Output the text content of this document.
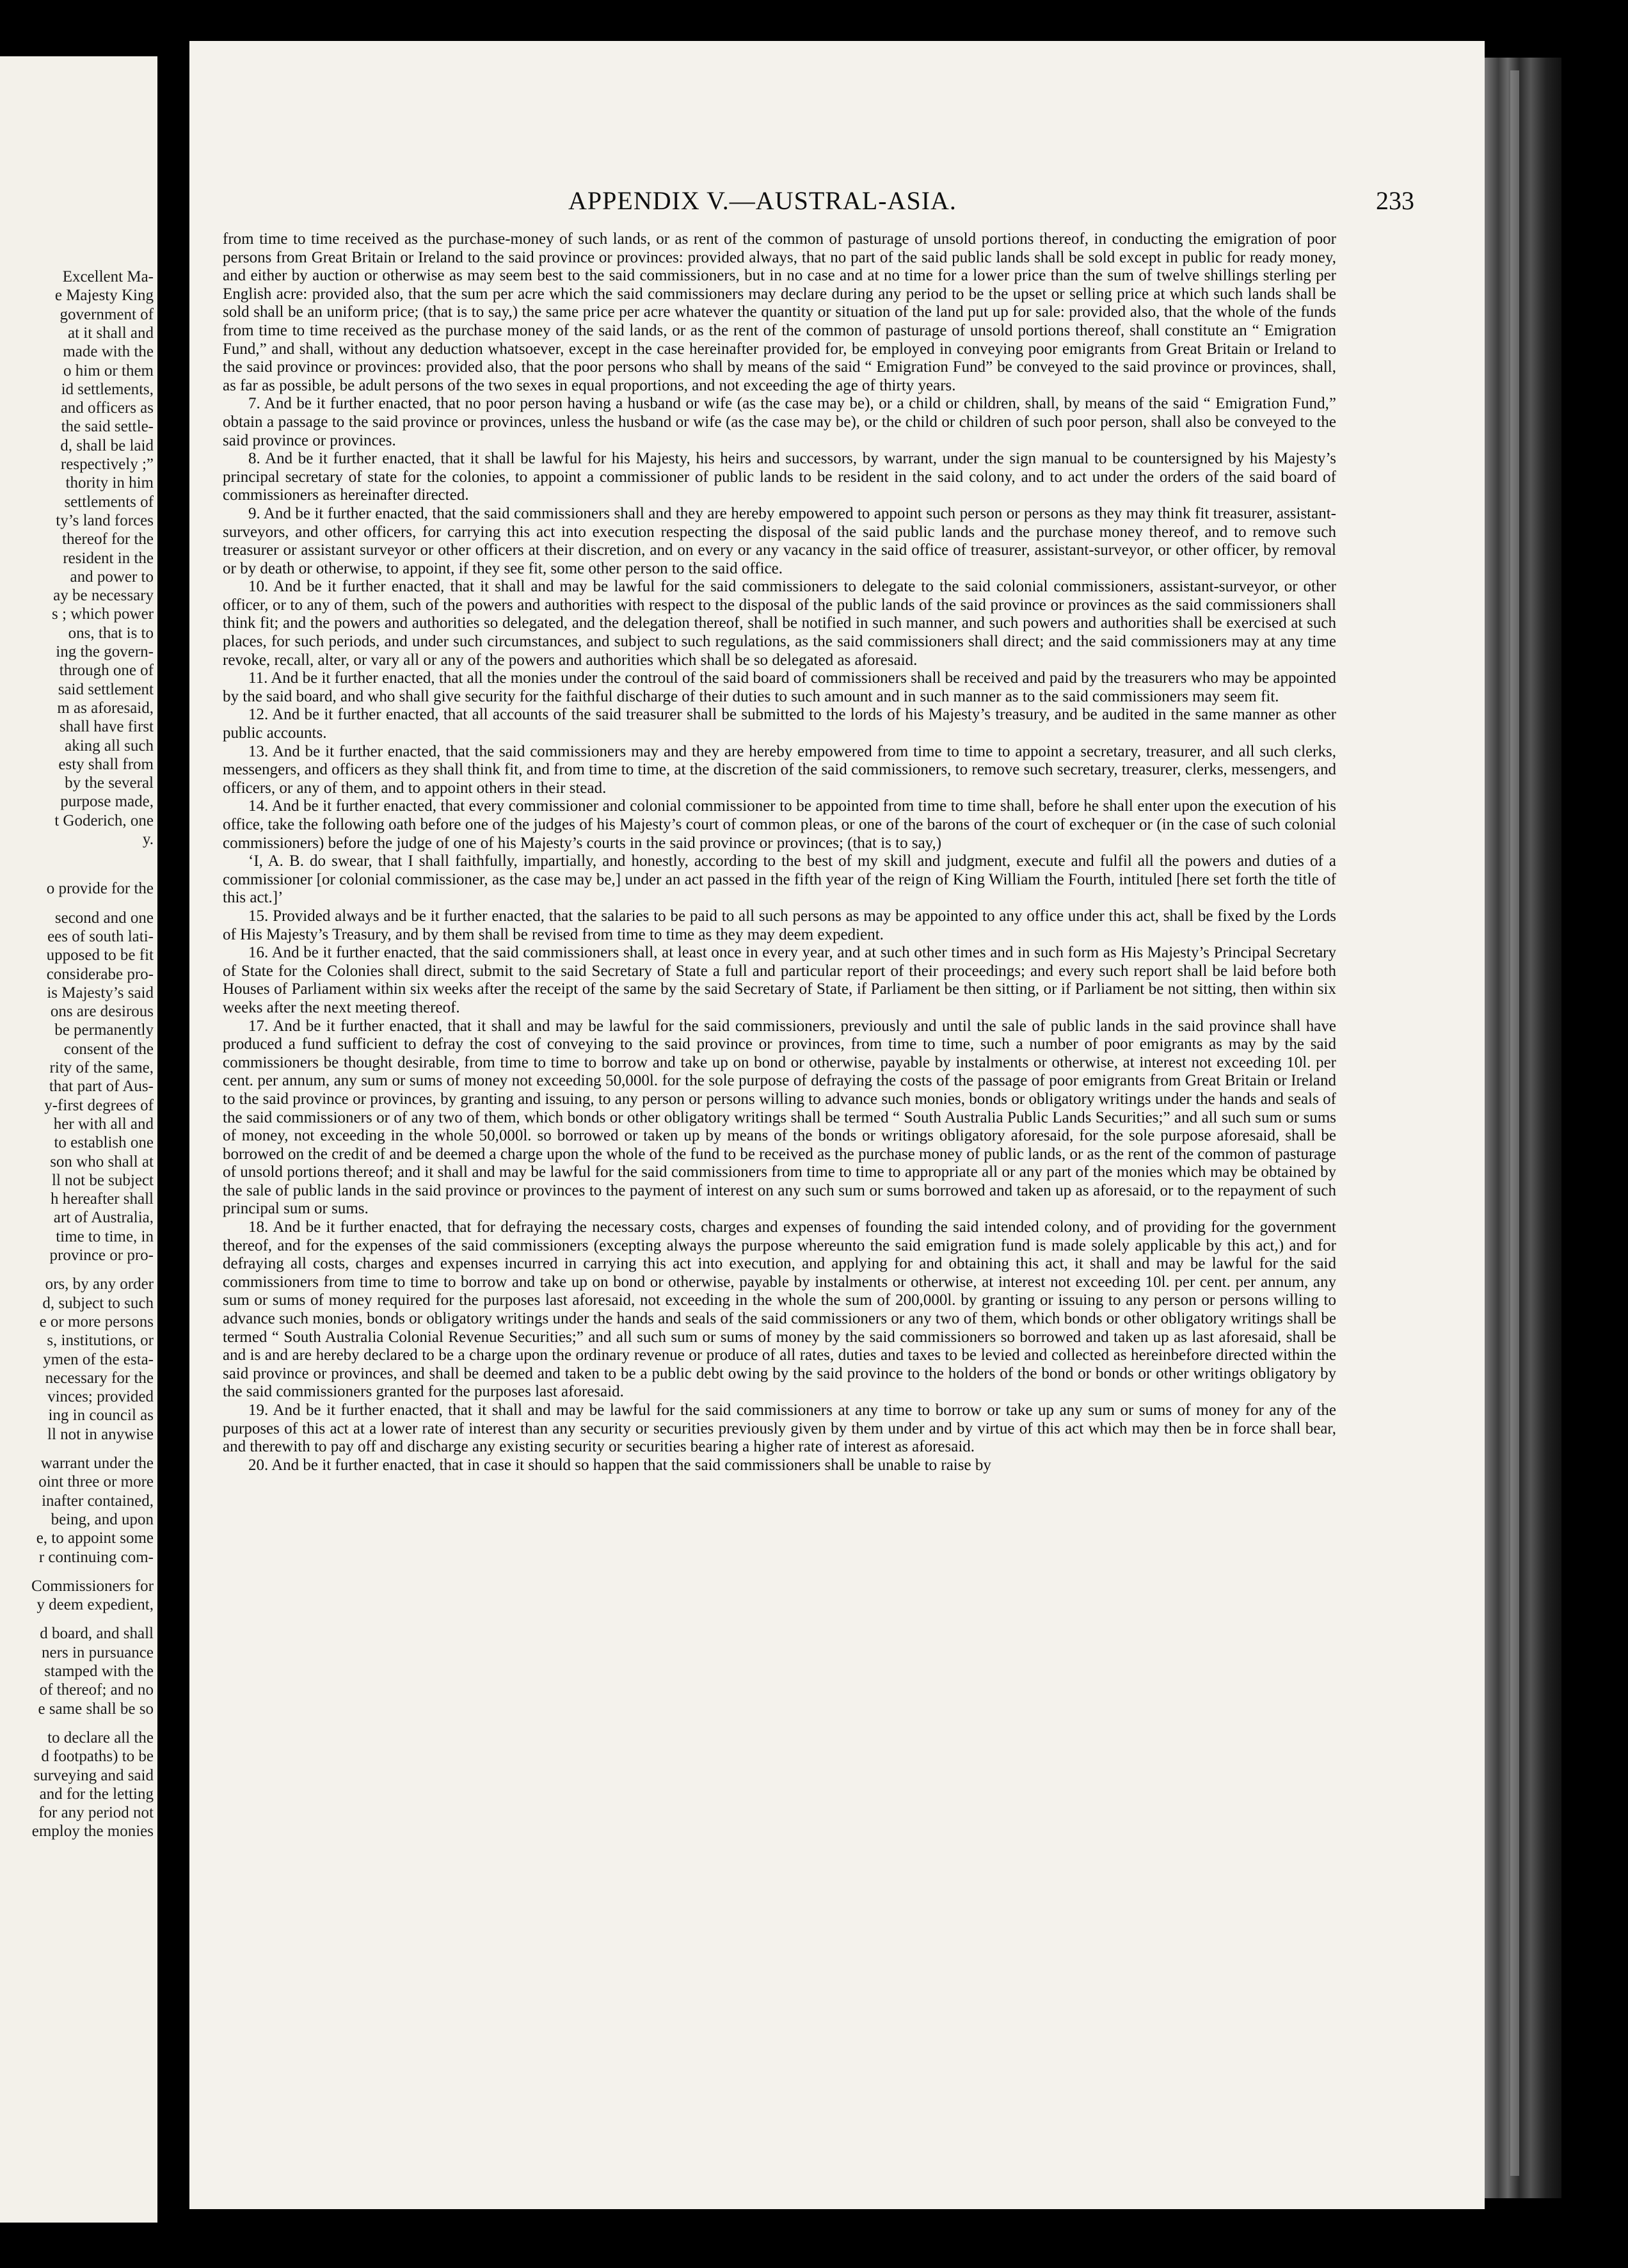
Excellent Ma-
e Majesty King
government of
at it shall and
made with the
o him or them
id settlements,
and officers as
the said settle-
d, shall be laid
respectively ;”
thority in him
settlements of
ty’s land forces
thereof for the
resident in the
and power to
ay be necessary
s ; which power
ons, that is to
ing the govern-
through one of
said settlement
m as aforesaid,
shall have first
aking all such
esty shall from
by the several
purpose made,
t Goderich, one
y.
o provide for the
second and one
ees of south lati-
upposed to be fit
considerabe pro-
is Majesty’s said
ons are desirous
be permanently
consent of the
rity of the same,
that part of Aus-
y-first degrees of
her with all and
to establish one
son who shall at
ll not be subject
h hereafter shall
art of Australia,
time to time, in
province or pro-
ors, by any order
d, subject to such
e or more persons
s, institutions, or
ymen of the esta-
necessary for the
vinces; provided
ing in council as
ll not in anywise
warrant under the
oint three or more
inafter contained,
being, and upon
e, to appoint some
r continuing com-
Commissioners for
y deem expedient,
d board, and shall
ners in pursuance
stamped with the
of thereof; and no
e same shall be so
to declare all the
d footpaths) to be
surveying and said
and for the letting
for any period not
employ the monies
APPENDIX V.—AUSTRAL-ASIA.	233

from time to time received as the purchase-money of such lands, or as rent of the common of pasturage of unsold portions thereof, in conducting the emigration of poor persons from Great Britain or Ireland to the said province or provinces: provided always, that no part of the said public lands shall be sold except in public for ready money, and either by auction or otherwise as may seem best to the said commissioners, but in no case and at no time for a lower price than the sum of twelve shillings sterling per English acre: provided also, that the sum per acre which the said commissioners may declare during any period to be the upset or selling price at which such lands shall be sold shall be an uniform price; (that is to say,) the same price per acre whatever the quantity or situation of the land put up for sale: provided also, that the whole of the funds from time to time received as the purchase money of the said lands, or as the rent of the common of pasturage of unsold portions thereof, shall constitute an “ Emigration Fund,” and shall, without any deduction whatsoever, except in the case hereinafter provided for, be employed in conveying poor emigrants from Great Britain or Ireland to the said province or provinces: provided also, that the poor persons who shall by means of the said “ Emigration Fund” be conveyed to the said province or provinces, shall, as far as possible, be adult persons of the two sexes in equal proportions, and not exceeding the age of thirty years.

7. And be it further enacted, that no poor person having a husband or wife (as the case may be), or a child or children, shall, by means of the said “ Emigration Fund,” obtain a passage to the said province or provinces, unless the husband or wife (as the case may be), or the child or children of such poor person, shall also be conveyed to the said province or provinces.

8. And be it further enacted, that it shall be lawful for his Majesty, his heirs and successors, by warrant, under the sign manual to be countersigned by his Majesty’s principal secretary of state for the colonies, to appoint a commissioner of public lands to be resident in the said colony, and to act under the orders of the said board of commissioners as hereinafter directed.

9. And be it further enacted, that the said commissioners shall and they are hereby empowered to appoint such person or persons as they may think fit treasurer, assistant-surveyors, and other officers, for carrying this act into execution respecting the disposal of the said public lands and the purchase money thereof, and to remove such treasurer or assistant surveyor or other officers at their discretion, and on every or any vacancy in the said office of treasurer, assistant-surveyor, or other officer, by removal or by death or otherwise, to appoint, if they see fit, some other person to the said office.

10. And be it further enacted, that it shall and may be lawful for the said commissioners to delegate to the said colonial commissioners, assistant-surveyor, or other officer, or to any of them, such of the powers and authorities with respect to the disposal of the public lands of the said province or provinces as the said commissioners shall think fit; and the powers and authorities so delegated, and the delegation thereof, shall be notified in such manner, and such powers and authorities shall be exercised at such places, for such periods, and under such circumstances, and subject to such regulations, as the said commissioners shall direct; and the said commissioners may at any time revoke, recall, alter, or vary all or any of the powers and authorities which shall be so delegated as aforesaid.

11. And be it further enacted, that all the monies under the controul of the said board of commissioners shall be received and paid by the treasurers who may be appointed by the said board, and who shall give security for the faithful discharge of their duties to such amount and in such manner as to the said commissioners may seem fit.

12. And be it further enacted, that all accounts of the said treasurer shall be submitted to the lords of his Majesty’s treasury, and be audited in the same manner as other public accounts.

13. And be it further enacted, that the said commissioners may and they are hereby empowered from time to time to appoint a secretary, treasurer, and all such clerks, messengers, and officers as they shall think fit, and from time to time, at the discretion of the said commissioners, to remove such secretary, treasurer, clerks, messengers, and officers, or any of them, and to appoint others in their stead.

14. And be it further enacted, that every commissioner and colonial commissioner to be appointed from time to time shall, before he shall enter upon the execution of his office, take the following oath before one of the judges of his Majesty’s court of common pleas, or one of the barons of the court of exchequer or (in the case of such colonial commissioners) before the judge of one of his Majesty’s courts in the said province or provinces; (that is to say,)

‘I, A. B. do swear, that I shall faithfully, impartially, and honestly, according to the best of my skill and judgment, execute and fulfil all the powers and duties of a commissioner [or colonial commissioner, as the case may be,] under an act passed in the fifth year of the reign of King William the Fourth, intituled [here set forth the title of this act.]’

15. Provided always and be it further enacted, that the salaries to be paid to all such persons as may be appointed to any office under this act, shall be fixed by the Lords of His Majesty’s Treasury, and by them shall be revised from time to time as they may deem expedient.

16. And be it further enacted, that the said commissioners shall, at least once in every year, and at such other times and in such form as His Majesty’s Principal Secretary of State for the Colonies shall direct, submit to the said Secretary of State a full and particular report of their proceedings; and every such report shall be laid before both Houses of Parliament within six weeks after the receipt of the same by the said Secretary of State, if Parliament be then sitting, or if Parliament be not sitting, then within six weeks after the next meeting thereof.

17. And be it further enacted, that it shall and may be lawful for the said commissioners, previously and until the sale of public lands in the said province shall have produced a fund sufficient to defray the cost of conveying to the said province or provinces, from time to time, such a number of poor emigrants as may by the said commissioners be thought desirable, from time to time to borrow and take up on bond or otherwise, payable by instalments or otherwise, at interest not exceeding 10l. per cent. per annum, any sum or sums of money not exceeding 50,000l. for the sole purpose of defraying the costs of the passage of poor emigrants from Great Britain or Ireland to the said province or provinces, by granting and issuing, to any person or persons willing to advance such monies, bonds or obligatory writings under the hands and seals of the said commissioners or of any two of them, which bonds or other obligatory writings shall be termed “ South Australia Public Lands Securities;” and all such sum or sums of money, not exceeding in the whole 50,000l. so borrowed or taken up by means of the bonds or writings obligatory aforesaid, for the sole purpose aforesaid, shall be borrowed on the credit of and be deemed a charge upon the whole of the fund to be received as the purchase money of public lands, or as the rent of the common of pasturage of unsold portions thereof; and it shall and may be lawful for the said commissioners from time to time to appropriate all or any part of the monies which may be obtained by the sale of public lands in the said province or provinces to the payment of interest on any such sum or sums borrowed and taken up as aforesaid, or to the repayment of such principal sum or sums.

18. And be it further enacted, that for defraying the necessary costs, charges and expenses of founding the said intended colony, and of providing for the government thereof, and for the expenses of the said commissioners (excepting always the purpose whereunto the said emigration fund is made solely applicable by this act,) and for defraying all costs, charges and expenses incurred in carrying this act into execution, and applying for and obtaining this act, it shall and may be lawful for the said commissioners from time to time to borrow and take up on bond or otherwise, payable by instalments or otherwise, at interest not exceeding 10l. per cent. per annum, any sum or sums of money required for the purposes last aforesaid, not exceeding in the whole the sum of 200,000l. by granting or issuing to any person or persons willing to advance such monies, bonds or obligatory writings under the hands and seals of the said commissioners or any two of them, which bonds or other obligatory writings shall be termed “ South Australia Colonial Revenue Securities;” and all such sum or sums of money by the said commissioners so borrowed and taken up as last aforesaid, shall be and is and are hereby declared to be a charge upon the ordinary revenue or produce of all rates, duties and taxes to be levied and collected as hereinbefore directed within the said province or provinces, and shall be deemed and taken to be a public debt owing by the said province to the holders of the bond or bonds or other writings obligatory by the said commissioners granted for the purposes last aforesaid.

19. And be it further enacted, that it shall and may be lawful for the said commissioners at any time to borrow or take up any sum or sums of money for any of the purposes of this act at a lower rate of interest than any security or securities previously given by them under and by virtue of this act which may then be in force shall bear, and therewith to pay off and discharge any existing security or securities bearing a higher rate of interest as aforesaid.

20. And be it further enacted, that in case it should so happen that the said commissioners shall be unable to raise by
